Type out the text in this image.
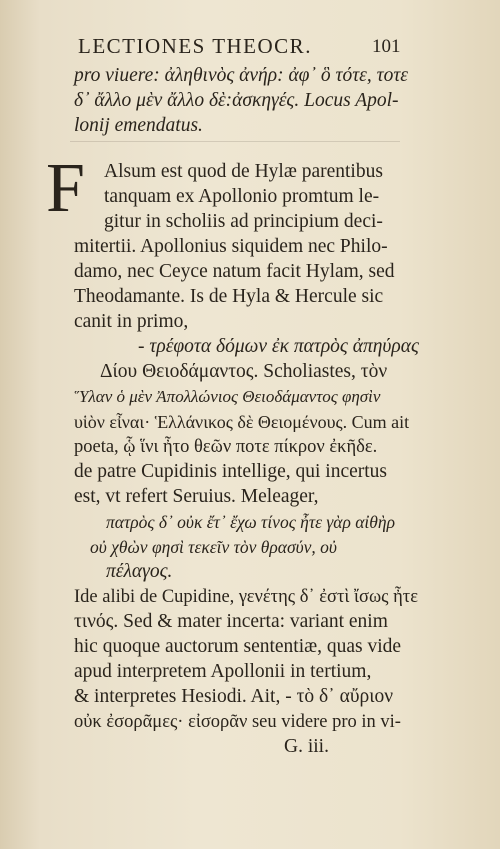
LECTIONES THEOCR.	101
pro viuere: ἀληθινὸς ἀνήρ: ἀφ᾽ ὃ τότε, τοτε
δ᾽ ἄλλο μὲν ἄλλο δὲ:ἀσκηγές. Locus Apol-
lonij emendatus.
F Alsum est quod de Hylæ parentibus
tanquam ex Apollonio promtum le-
gitur in scholiis ad principium deci-
mitertii. Apollonius siquidem nec Philo-
damo, nec Ceyce natum facit Hylam, sed
Theodamante. Is de Hyla & Hercule sic
canit in primo,
- τρέφοτα δόμων ἐκ πατρὸς ἀπηύρας
Δίου Θειοδάμαντος. Scholiastes, τὸν
Ὕλαν ὁ μὲν Ἀπολλώνιος Θειοδάμαντος φησὶν
υἱὸν εἶναι· Ἑλλάνικος δὲ Θειομένους. Cum ait
poeta, ᾧ ἵνι ἦτο θεῶν ποτε πίκρον ἐκῆδε.
de patre Cupidinis intellige, qui incertus
est, vt refert Seruius. Meleager,
πατρὸς δ᾽ οὐκ ἔτ᾽ ἔχω τίνος ἦτε γὰρ αἰθὴρ
οὐ χθὼν φησὶ τεκεῖν τὸν θρασύν, οὐ
πέλαγος.
Ide alibi de Cupidine, γενέτης δ᾽ ἐστὶ ἴσως ἦτε
τινός. Sed & mater incerta: variant enim
hic quoque auctorum sententiæ, quas vide
apud interpretem Apollonii in tertium,
& interpretes Hesiodi. Ait, - τὸ δ᾽ αὔριον
οὐκ ἐσορᾶμες· εἰσορᾶν seu videre pro in vi-
G. iii.
